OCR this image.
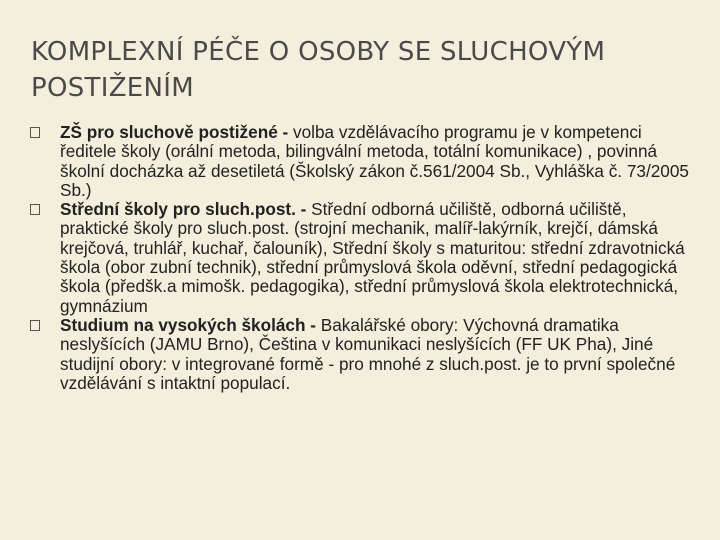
KOMPLEXNÍ PÉČE O OSOBY SE SLUCHOVÝM
POSTIŽENÍM
ZŠ pro sluchově postižené - volba vzdělávacího programu je v kompetenci ředitele školy (orální metoda, bilingvální metoda, totální komunikace) , povinná školní docházka až desetiletá (Školský zákon č.561/2004 Sb., Vyhláška č. 73/2005 Sb.)
Střední školy pro sluch.post. - Střední odborná učiliště, odborná učiliště, praktické školy pro sluch.post. (strojní mechanik, malíř-lakýrník, krejčí, dámská krejčová, truhlář, kuchař, čalouník), Střední školy s maturitou: střední zdravotnická škola (obor zubní technik), střední průmyslová škola oděvní, střední pedagogická škola (předšk.a mimošk. pedagogika), střední průmyslová škola elektrotechnická, gymnázium
Studium na vysokých školách - Bakalářské obory: Výchovná dramatika neslyšících (JAMU Brno), Čeština v komunikaci neslyšících (FF UK Pha), Jiné studijní obory: v integrované formě - pro mnohé z sluch.post. je to první společné vzdělávání s intaktní populací.
